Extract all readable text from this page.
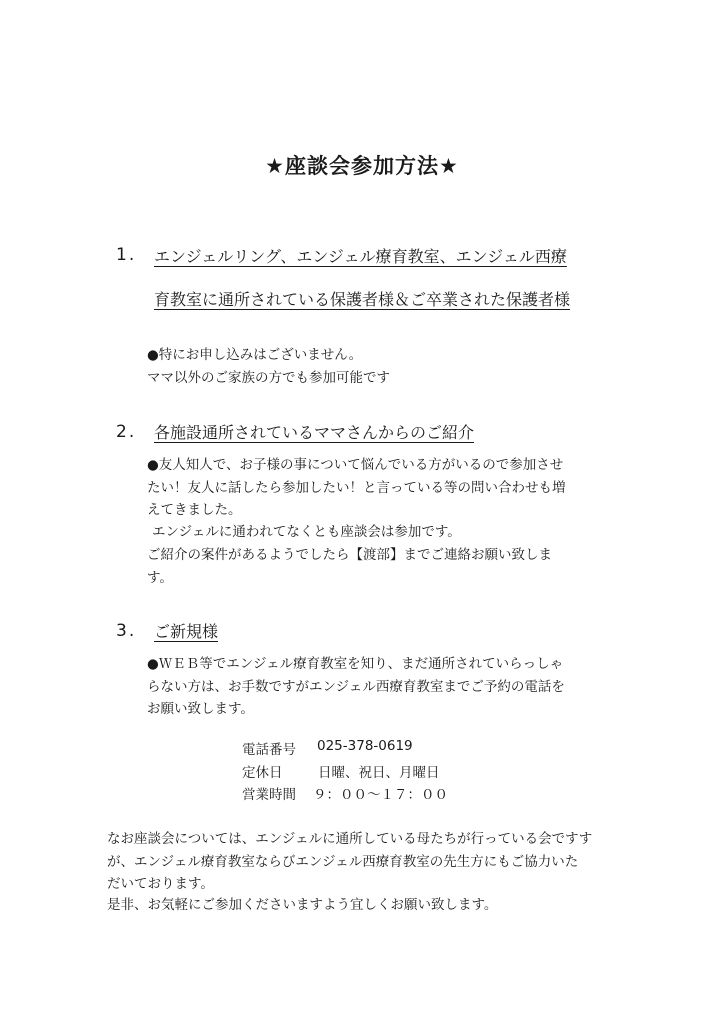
★座談会参加方法★
1. エンジェルリング、エンジェル療育教室、エンジェル西療
育教室に通所されている保護者様＆ご卒業された保護者様
●特にお申し込みはございません。
ママ以外のご家族の方でも参加可能です
2. 各施設通所されているママさんからのご紹介
●友人知人で、お子様の事について悩んでいる方がいるので参加させ
たい！友人に話したら参加したい！と言っている等の問い合わせも増
えてきました。
エンジェルに通われてなくとも座談会は参加です。
ご紹介の案件があるようでしたら【渡部】までご連絡お願い致しま
す。
3. ご新規様
●ＷＥＢ等でエンジェル療育教室を知り、まだ通所されていらっしゃ
らない方は、お手数ですがエンジェル西療育教室までご予約の電話を
お願い致します。
電話番号 025-378-0619
定休日	日曜、祝日、月曜日
営業時間 ９：００〜１７：００
なお座談会については、エンジェルに通所している母たちが行っている会ですす
が、エンジェル療育教室ならびエンジェル西療育教室の先生方にもご協力いた
だいております。
是非、お気軽にご参加くださいますよう宜しくお願い致します。
